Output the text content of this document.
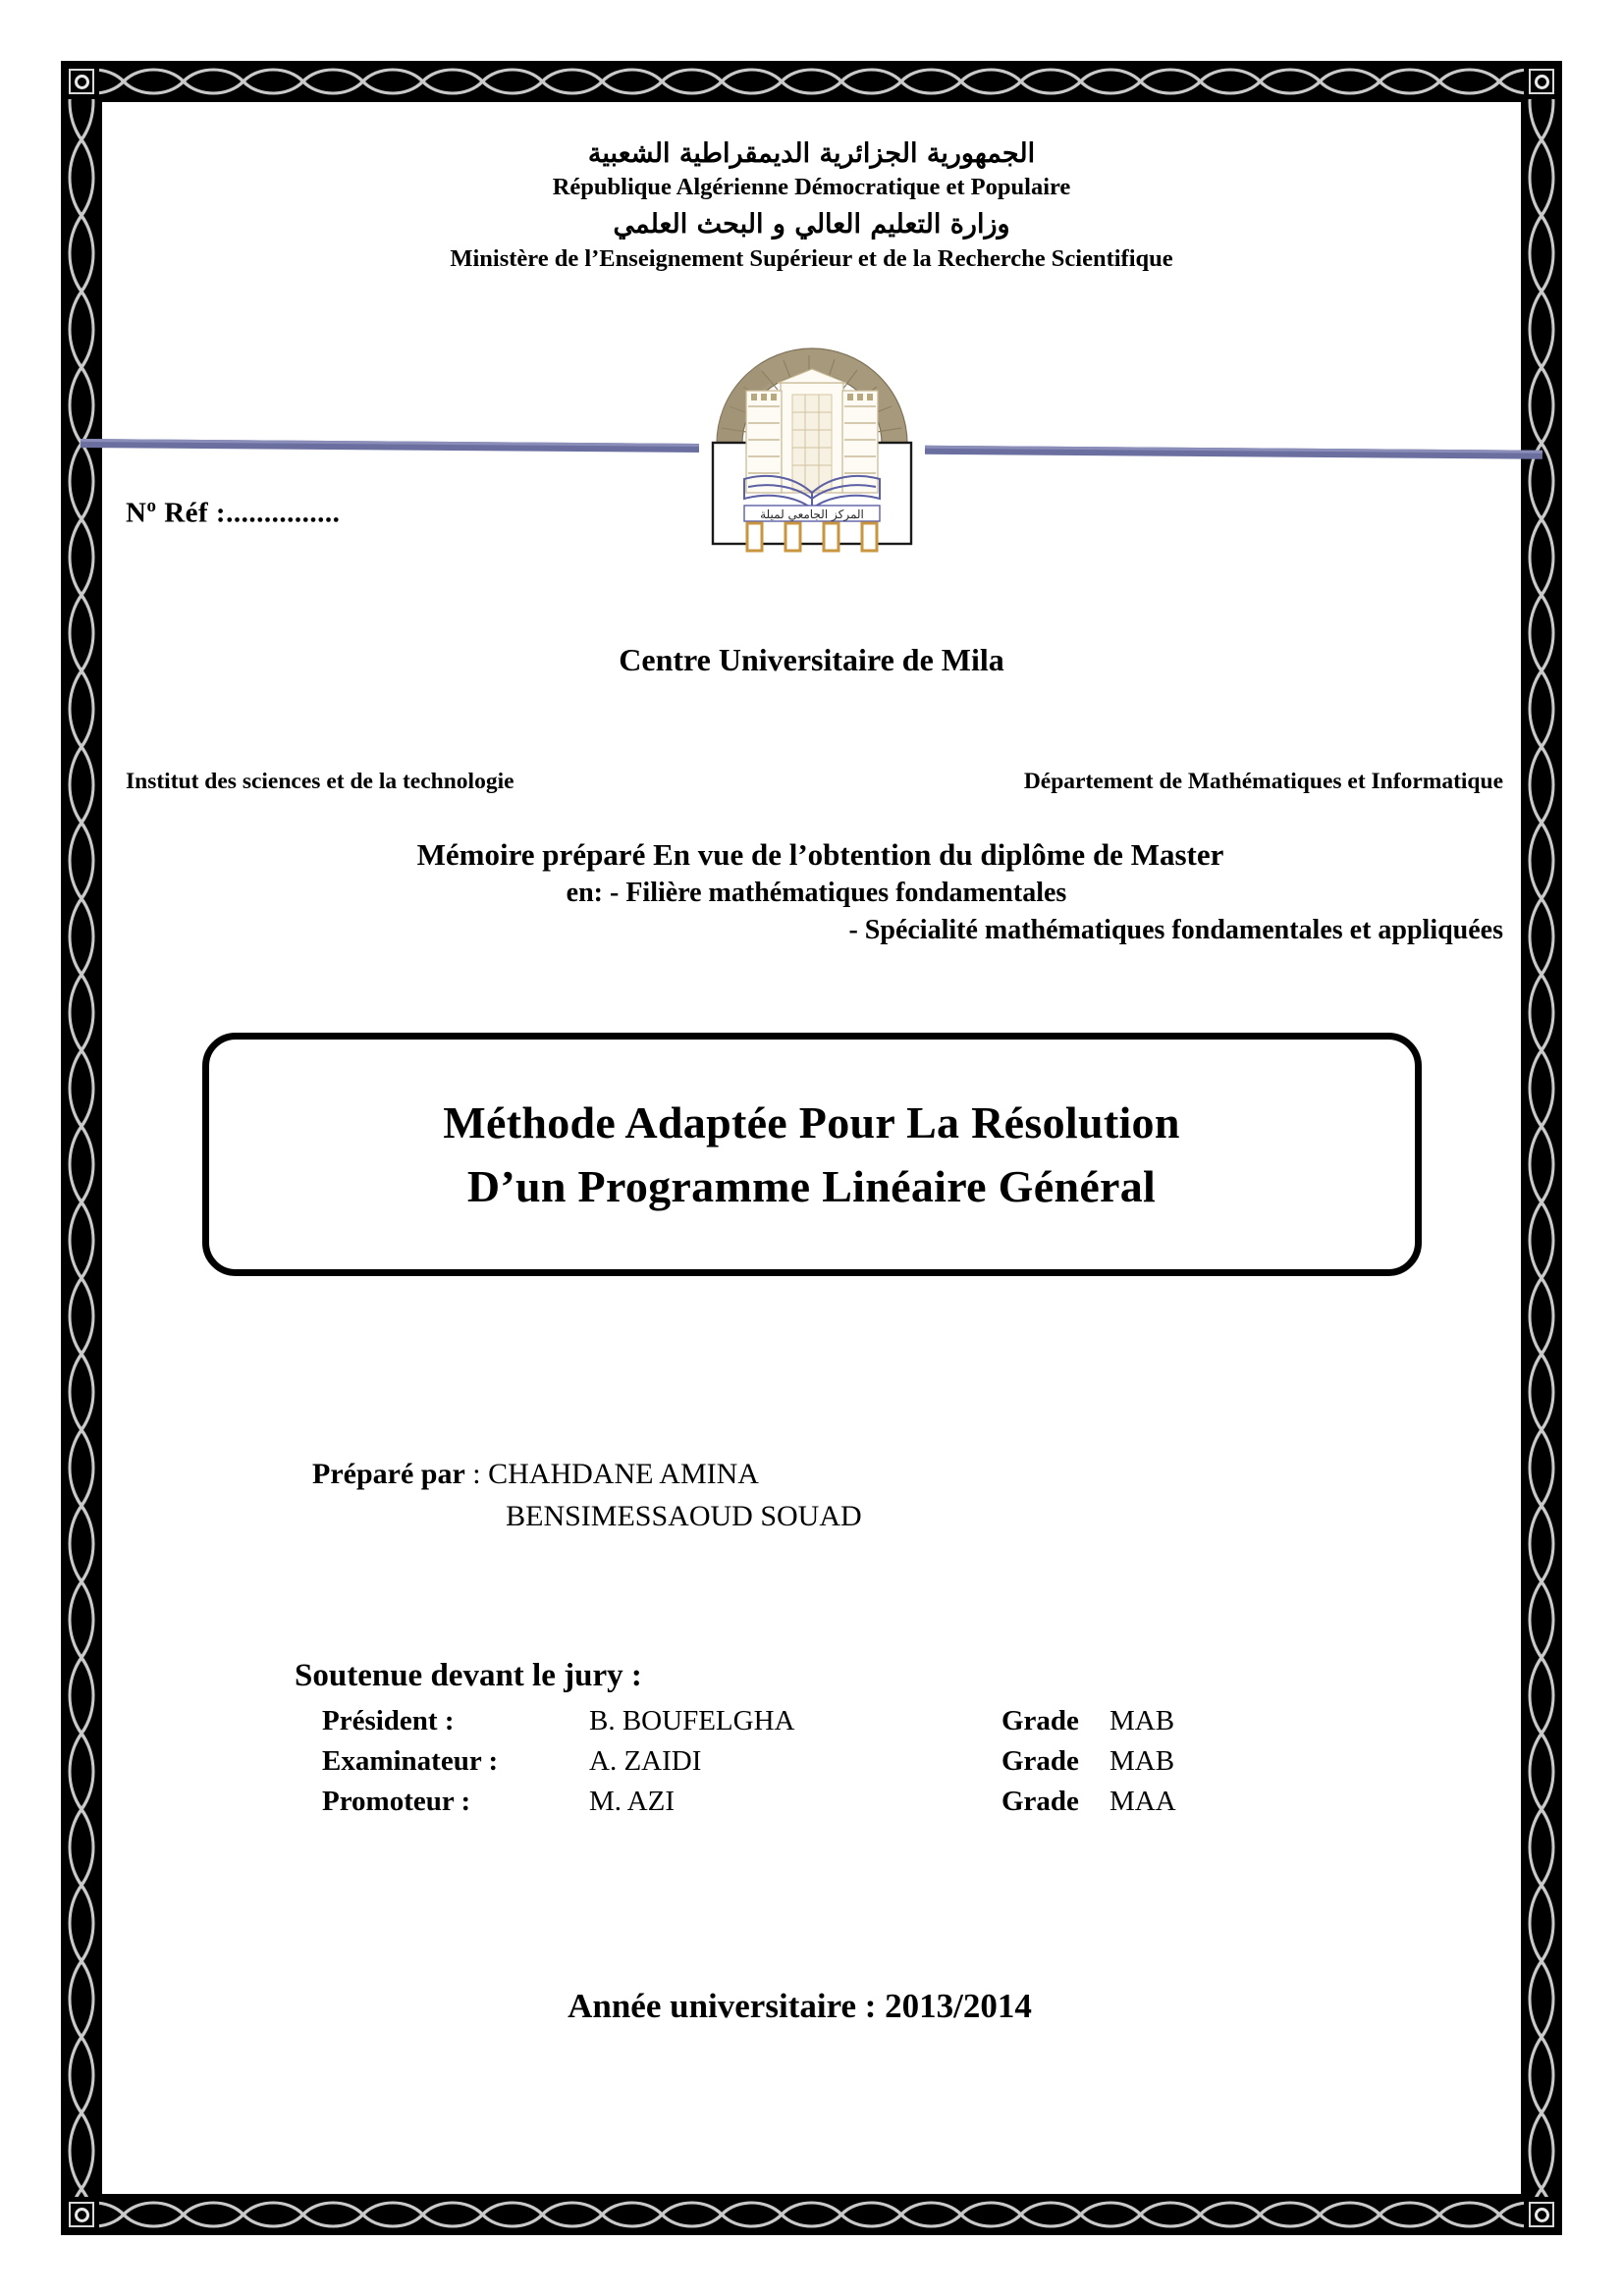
الجمهورية الجزائرية الديمقراطية الشعبية
République Algérienne Démocratique et Populaire
وزارة التعليم العالي و البحث العلمي
Ministère de l’Enseignement Supérieur et de la Recherche Scientifique
المركز الجامعي لميلة
$N^o$ Réf :...............
Centre Universitaire de Mila
Institut des sciences et de la technologie	Département de Mathématiques et Informatique
Mémoire préparé En vue de l’obtention du diplôme de Master
en: - Filière mathématiques fondamentales
- Spécialité mathématiques fondamentales et appliquées
Méthode Adaptée Pour La Résolution
D’un Programme Linéaire Général
Préparé par : CHAHDANE AMINA
BENSIMESSAOUD SOUAD
Soutenue devant le jury :
Président :	B. BOUFELGHA	Grade	MAB
Examinateur :	A. ZAIDI	Grade	MAB
Promoteur :	M. AZI	Grade	MAA
Année universitaire : 2013/2014
